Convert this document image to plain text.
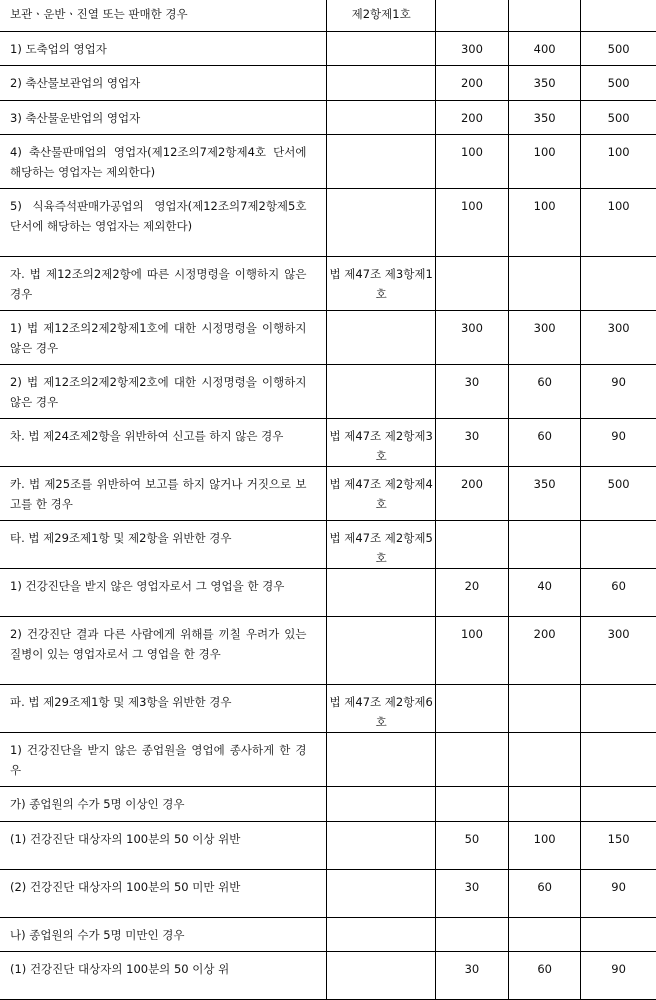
보관ㆍ운반ㆍ진열 또는 판매한 경우	제2항제1호			
1) 도축업의 영업자		300	400	500
2) 축산물보관업의 영업자		200	350	500
3) 축산물운반업의 영업자		200	350	500
4) 축산물판매업의 영업자(제12조의7제2항제4호 단서에 해당하는 영업자는 제외한다)		100	100	100
5) 식육즉석판매가공업의 영업자(제12조의7제2항제5호 단서에 해당하는 영업자는 제외한다)		100	100	100
자. 법 제12조의2제2항에 따른 시정명령을 이행하지 않은 경우	법 제47조 제3항제1호			
1) 법 제12조의2제2항제1호에 대한 시정명령을 이행하지 않은 경우		300	300	300
2) 법 제12조의2제2항제2호에 대한 시정명령을 이행하지 않은 경우		30	60	90
차. 법 제24조제2항을 위반하여 신고를 하지 않은 경우	법 제47조 제2항제3호	30	60	90
카. 법 제25조를 위반하여 보고를 하지 않거나 거짓으로 보고를 한 경우	법 제47조 제2항제4호	200	350	500
타. 법 제29조제1항 및 제2항을 위반한 경우	법 제47조 제2항제5호			
1) 건강진단을 받지 않은 영업자로서 그 영업을 한 경우		20	40	60
2) 건강진단 결과 다른 사람에게 위해를 끼칠 우려가 있는 질병이 있는 영업자로서 그 영업을 한 경우		100	200	300
파. 법 제29조제1항 및 제3항을 위반한 경우	법 제47조 제2항제6호			
1) 건강진단을 받지 않은 종업원을 영업에 종사하게 한 경우				
가) 종업원의 수가 5명 이상인 경우				
(1) 건강진단 대상자의 100분의 50 이상 위반		50	100	150
(2) 건강진단 대상자의 100분의 50 미만 위반		30	60	90
나) 종업원의 수가 5명 미만인 경우				
(1) 건강진단 대상자의 100분의 50 이상 위		30	60	90
